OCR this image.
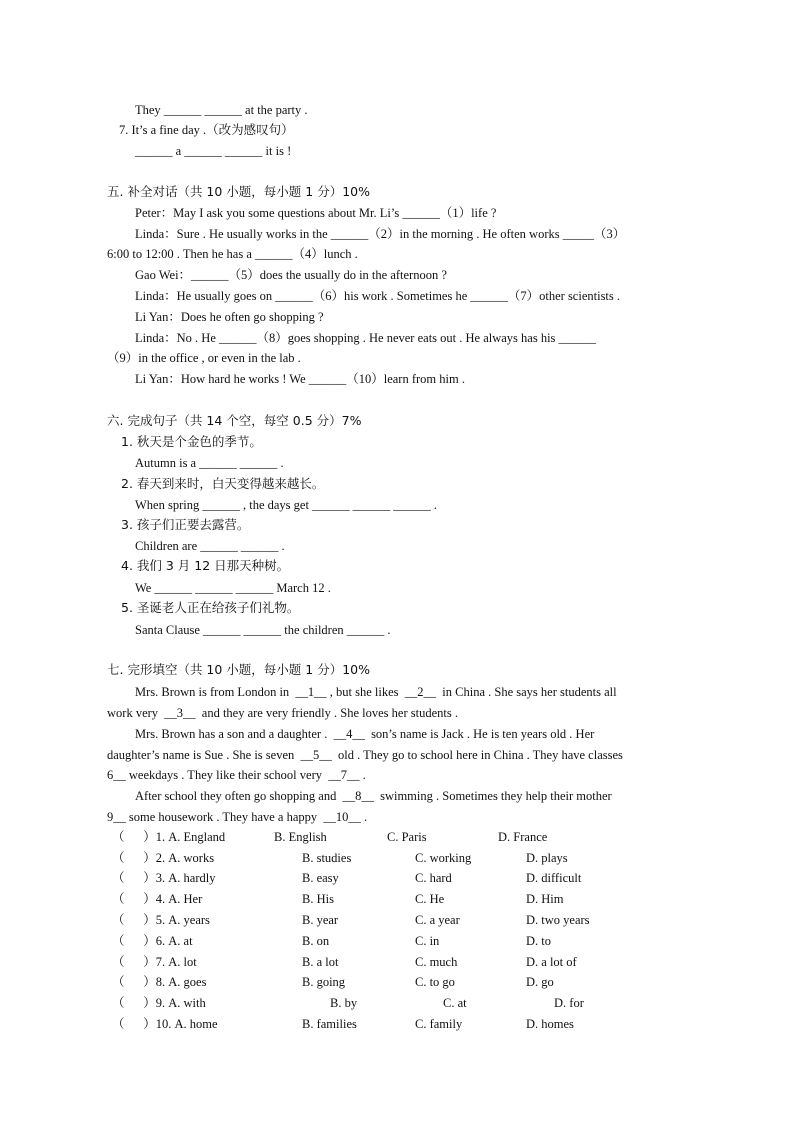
They ______ ______ at the party .
7. It’s a fine day .（改为感叹句）
______ a ______ ______ it is !
五. 补全对话（共 10 小题，每小题 1 分）10%
Peter：May I ask you some questions about Mr. Li’s ______（1）life ?
Linda：Sure . He usually works in the ______（2）in the morning . He often works _____（3）
6:00 to 12:00 . Then he has a ______（4）lunch .
Gao Wei：______（5）does the usually do in the afternoon ?
Linda：He usually goes on ______（6）his work . Sometimes he ______（7）other scientists .
Li Yan：Does he often go shopping ?
Linda：No . He ______（8）goes shopping . He never eats out . He always has his ______
（9）in the office , or even in the lab .
Li Yan：How hard he works ! We ______（10）learn from him .
六. 完成句子（共 14 个空，每空 0.5 分）7%
1. 秋天是个金色的季节。
Autumn is a ______ ______ .
2. 春天到来时，白天变得越来越长。
When spring ______ , the days get ______ ______ ______ .
3. 孩子们正要去露营。
Children are ______ ______ .
4. 我们 3 月 12 日那天种树。
We ______ ______ ______ March 12 .
5. 圣诞老人正在给孩子们礼物。
Santa Clause ______ ______ the children ______ .
七. 完形填空（共 10 小题，每小题 1 分）10%
Mrs. Brown is from London in  __1__ , but she likes  __2__  in China . She says her students all
work very  __3__  and they are very friendly . She loves her students .
Mrs. Brown has a son and a daughter .  __4__  son’s name is Jack . He is ten years old . Her
daughter’s name is Sue . She is seven  __5__  old . They go to school here in China . They have classes
6__ weekdays . They like their school very  __7__ .
After school they often go shopping and  __8__  swimming . Sometimes they help their mother
9__ some housework . They have a happy  __10__ .
（      ）1. A. England	B. English	C. Paris	D. France
（      ）2. A. works	B. studies	C. working	D. plays
（      ）3. A. hardly	B. easy	C. hard	D. difficult
（      ）4. A. Her	B. His	C. He	D. Him
（      ）5. A. years	B. year	C. a year	D. two years
（      ）6. A. at	B. on	C. in	D. to
（      ）7. A. lot	B. a lot	C. much	D. a lot of
（      ）8. A. goes	B. going	C. to go	D. go
（      ）9. A. with	B. by	C. at	D. for
（      ）10. A. home	B. families	C. family	D. homes
